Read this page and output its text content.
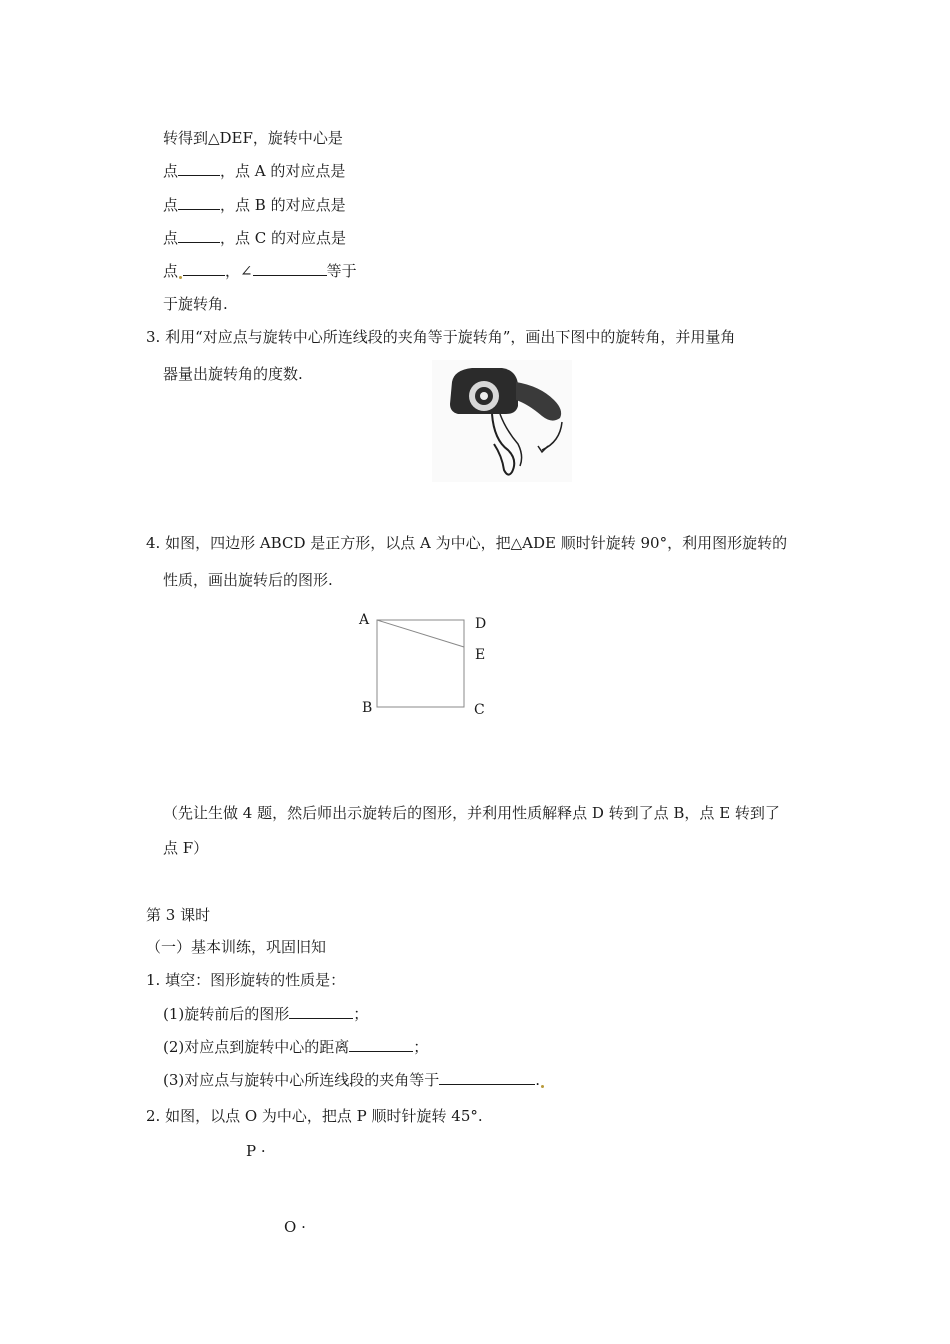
转得到△DEF，旋转中心是
点	，点 A 的对应点是
点	，点 B 的对应点是
点	，点 C 的对应点是
点	，∠	等于
于旋转角.
3. 利用“对应点与旋转中心所连线段的夹角等于旋转角”，画出下图中的旋转角，并用量角
器量出旋转角的度数.
4. 如图，四边形 ABCD 是正方形，以点 A 为中心，把△ADE 顺时针旋转 90°，利用图形旋转的
性质，画出旋转后的图形.
A	D
E
B	C
（先让生做 4 题，然后师出示旋转后的图形，并利用性质解释点 D 转到了点 B，点 E 转到了
点 F）
第 3 课时
（一）基本训练，巩固旧知
1. 填空：图形旋转的性质是：
(1)旋转前后的图形	；
(2)对应点到旋转中心的距离	；
(3)对应点与旋转中心所连线段的夹角等于	.
2. 如图，以点 O 为中心，把点 P 顺时针旋转 45°.
P ·
O ·
